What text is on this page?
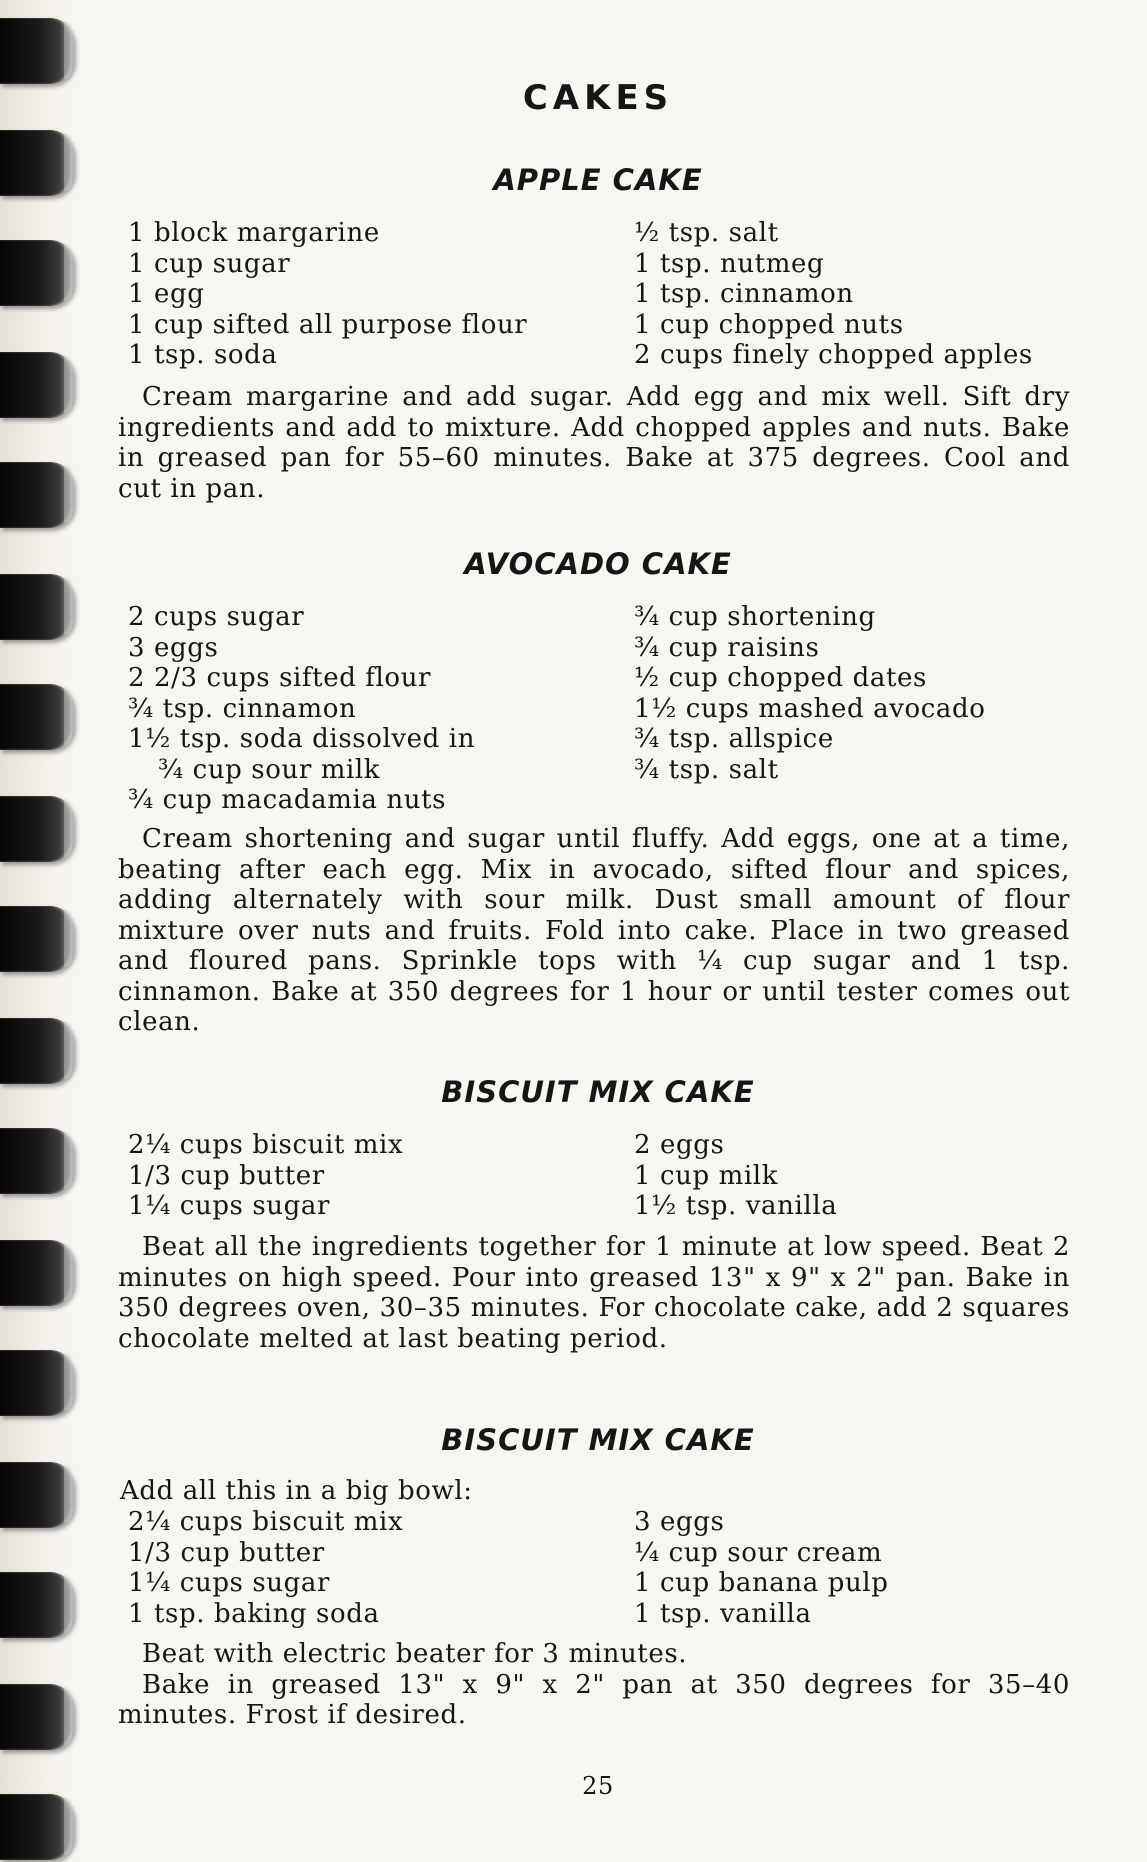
CAKES
APPLE CAKE
1 block margarine
1 cup sugar
1 egg
1 cup sifted all purpose flour
1 tsp. soda
½ tsp. salt
1 tsp. nutmeg
1 tsp. cinnamon
1 cup chopped nuts
2 cups finely chopped apples
Cream margarine and add sugar. Add egg and mix well. Sift dry ingredients and add to mixture. Add chopped apples and nuts. Bake in greased pan for 55–60 minutes. Bake at 375 degrees. Cool and cut in pan.
AVOCADO CAKE
2 cups sugar
3 eggs
2 2/3 cups sifted flour
¾ tsp. cinnamon
1½ tsp. soda dissolved in
¾ cup sour milk
¾ cup macadamia nuts
¾ cup shortening
¾ cup raisins
½ cup chopped dates
1½ cups mashed avocado
¾ tsp. allspice
¾ tsp. salt
Cream shortening and sugar until fluffy. Add eggs, one at a time, beating after each egg. Mix in avocado, sifted flour and spices, adding alternately with sour milk. Dust small amount of flour mixture over nuts and fruits. Fold into cake. Place in two greased and floured pans. Sprinkle tops with ¼ cup sugar and 1 tsp. cinnamon. Bake at 350 degrees for 1 hour or until tester comes out clean.
BISCUIT MIX CAKE
2¼ cups biscuit mix
1/3 cup butter
1¼ cups sugar
2 eggs
1 cup milk
1½ tsp. vanilla
Beat all the ingredients together for 1 minute at low speed. Beat 2 minutes on high speed. Pour into greased 13" x 9" x 2" pan. Bake in 350 degrees oven, 30–35 minutes. For chocolate cake, add 2 squares chocolate melted at last beating period.
BISCUIT MIX CAKE
Add all this in a big bowl:
2¼ cups biscuit mix
1/3 cup butter
1¼ cups sugar
1 tsp. baking soda
3 eggs
¼ cup sour cream
1 cup banana pulp
1 tsp. vanilla

Beat with electric beater for 3 minutes.

Bake in greased 13" x 9" x 2" pan at 350 degrees for 35–40 minutes. Frost if desired.

25
